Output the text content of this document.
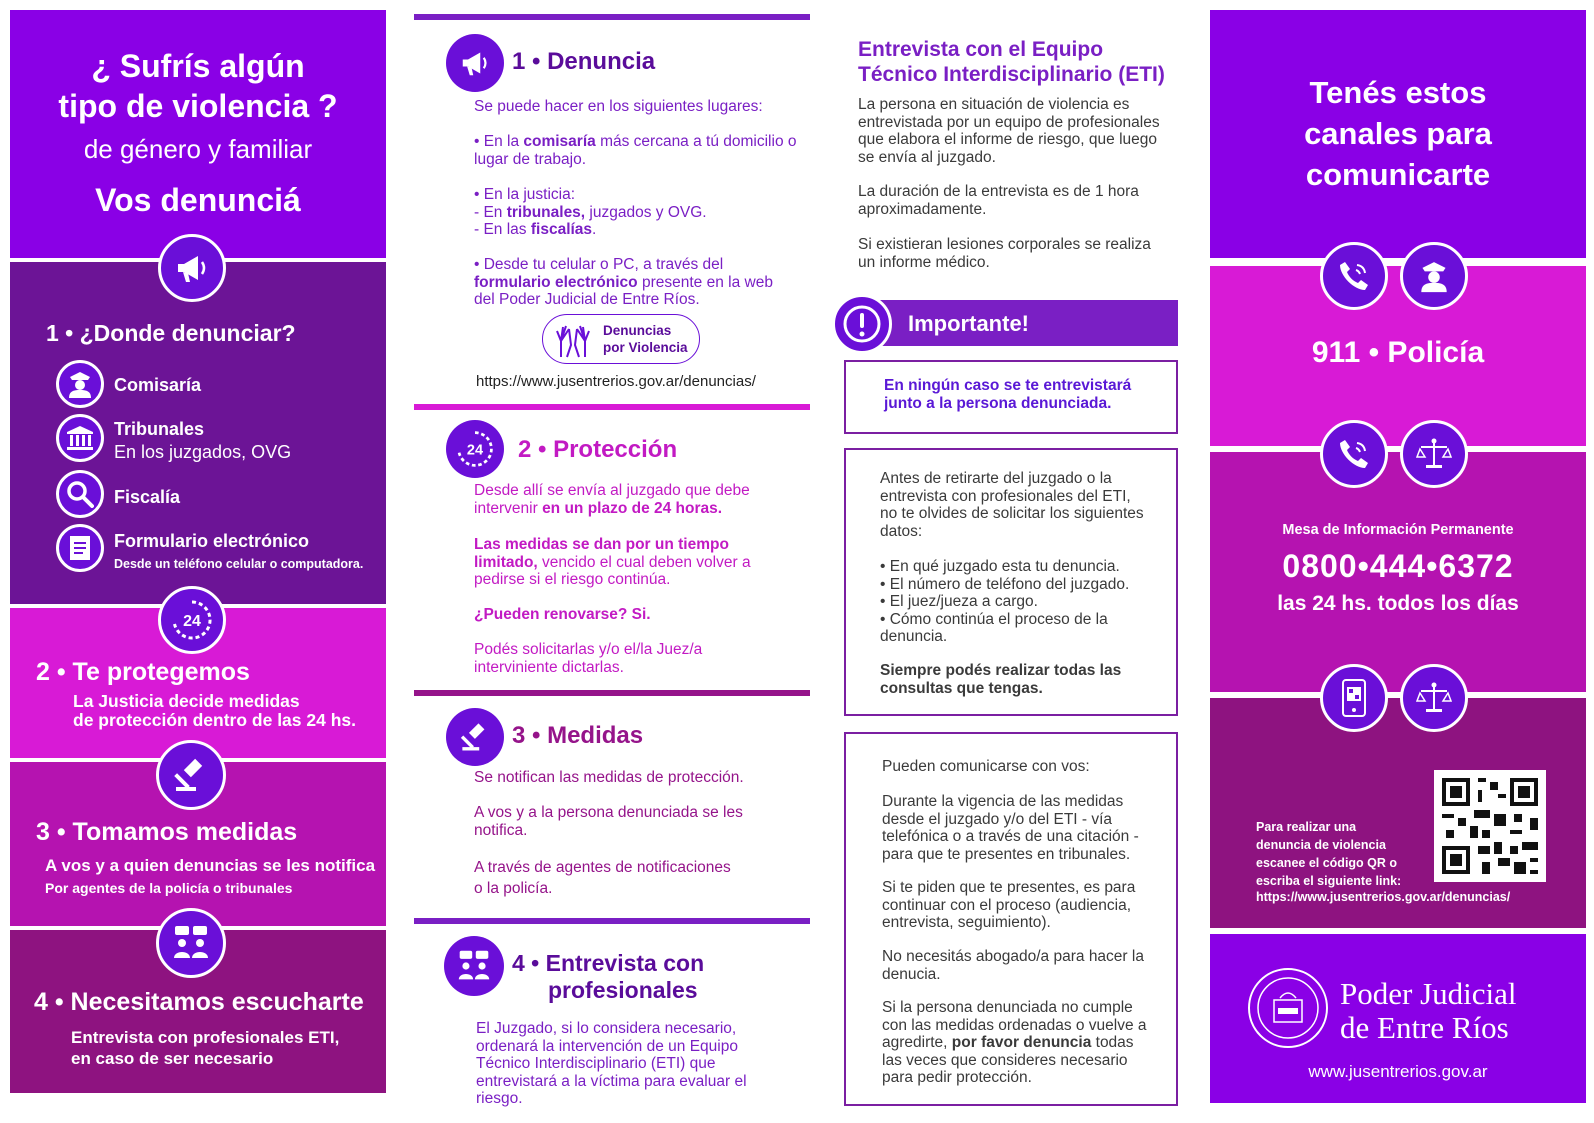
¿ Sufrís algún
tipo de violencia ?
de género y familiar
Vos denunciá
1 • ¿Donde denunciar?
Comisaría
Tribunales
En los juzgados, OVG
Fiscalía
Formulario electrónico
Desde un teléfono celular o computadora.
2 • Te protegemos
La Justicia decide medidas
de protección dentro de las 24 hs.
3 • Tomamos medidas
A vos y a quien denuncias se les notifica
Por agentes de la policía o tribunales
4 • Necesitamos escucharte
Entrevista con profesionales ETI,
en caso de ser necesario
24
1 • Denuncia
Se puede hacer en los siguientes lugares:
• En la comisaría más cercana a tú domicilio o lugar de trabajo.
• En la justicia:
- En tribunales, juzgados y OVG.
- En las fiscalías.
• Desde tu celular o PC, a través del formulario electrónico presente en la web del Poder Judicial de Entre Ríos.
Denuncias
por Violencia
https://www.jusentrerios.gov.ar/denuncias/
24 2 • Protección
Desde allí se envía al juzgado que debe intervenir en un plazo de 24 horas.
Las medidas se dan por un tiempo limitado, vencido el cual deben volver a pedirse si el riesgo continúa.
¿Pueden renovarse? Si.
Podés solicitarlas y/o el/la Juez/a interviniente dictarlas.
3 • Medidas
Se notifican las medidas de protección.
A vos y a la persona denunciada se les notifica.
A través de agentes de notificaciones
o la policía.
4 • Entrevista con
profesionales
El Juzgado, si lo considera necesario, ordenará la intervención de un Equipo Técnico Interdisciplinario (ETI) que entrevistará a la víctima para evaluar el riesgo.
Entrevista con el Equipo
Técnico Interdisciplinario (ETI)
La persona en situación de violencia es entrevistada por un equipo de profesionales que elabora el informe de riesgo, que luego se envía al juzgado.
La duración de la entrevista es de 1 hora aproximadamente.
Si existieran lesiones corporales se realiza un informe médico.
Importante!
En ningún caso se te entrevistará junto a la persona denunciada.
Antes de retirarte del juzgado o la entrevista con profesionales del ETI, no te olvides de solicitar los siguientes datos:
• En qué juzgado esta tu denuncia.
• El número de teléfono del juzgado.
• El juez/jueza a cargo.
• Cómo continúa el proceso de la denuncia.
Siempre podés realizar todas las consultas que tengas.
Pueden comunicarse con vos:
Durante la vigencia de las medidas desde el juzgado y/o del ETI - vía telefónica o a través de una citación - para que te presentes en tribunales.
Si te piden que te presentes, es para continuar con el proceso (audiencia, entrevista, seguimiento).
No necesitás abogado/a para hacer la denucia.
Si la persona denunciada no cumple con las medidas ordenadas o vuelve a agredirte, por favor denuncia todas las veces que consideres necesario para pedir protección.
Tenés estos
canales para
comunicarte
911 • Policía
Mesa de Información Permanente
0800•444•6372
las 24 hs. todos los días
Para realizar una denuncia de violencia escanee el código QR o escriba el siguiente link:
https://www.jusentrerios.gov.ar/denuncias/
Poder Judicial
de Entre Ríos
www.jusentrerios.gov.ar
